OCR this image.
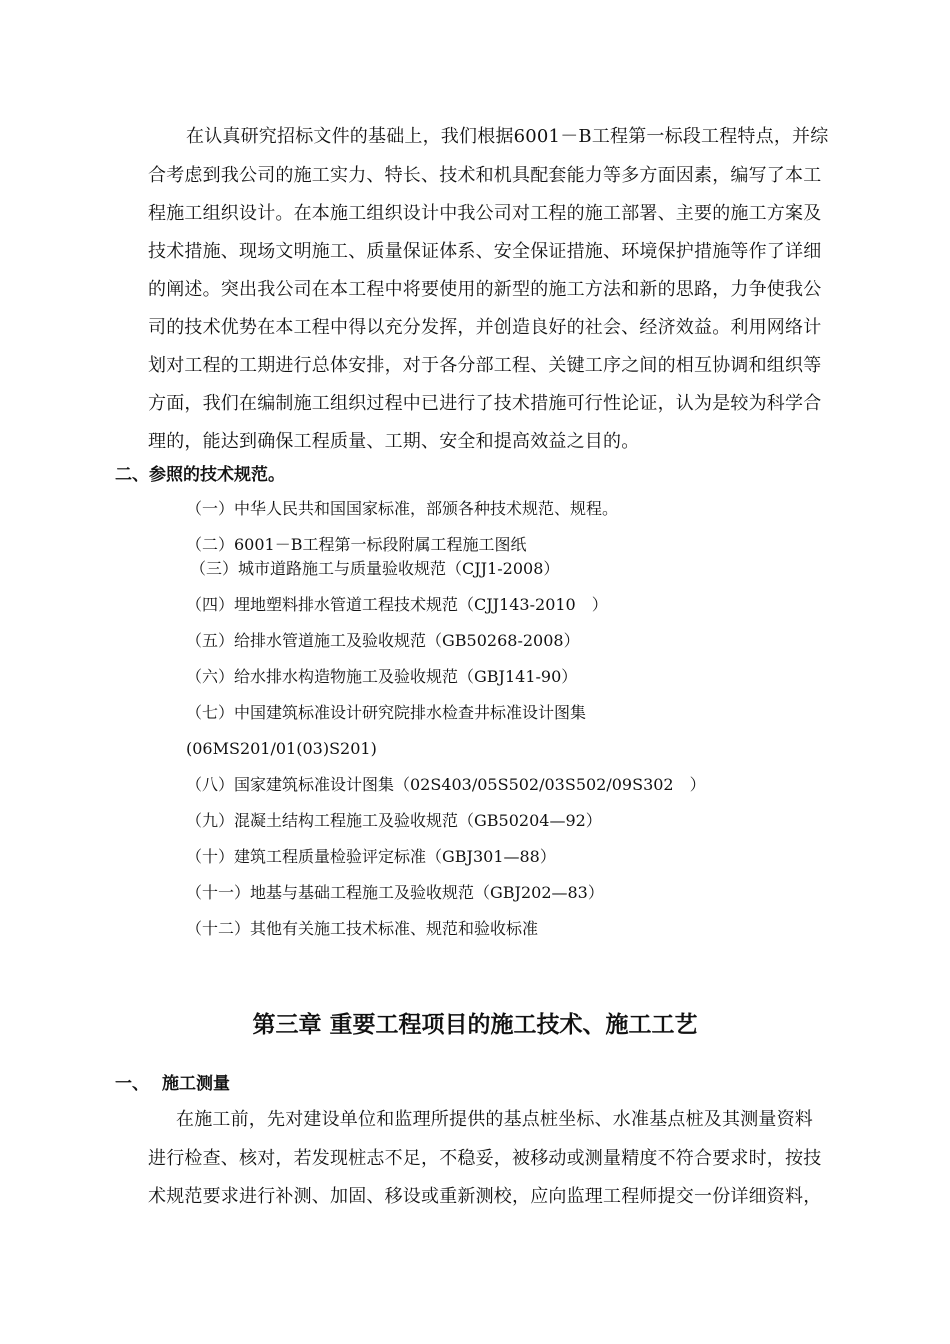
在认真研究招标文件的基础上，我们根据6001－B工程第一标段工程特点，并综
合考虑到我公司的施工实力、特长、技术和机具配套能力等多方面因素，编写了本工
程施工组织设计。在本施工组织设计中我公司对工程的施工部署、主要的施工方案及
技术措施、现场文明施工、质量保证体系、安全保证措施、环境保护措施等作了详细
的阐述。突出我公司在本工程中将要使用的新型的施工方法和新的思路，力争使我公
司的技术优势在本工程中得以充分发挥，并创造良好的社会、经济效益。利用网络计
划对工程的工期进行总体安排，对于各分部工程、关键工序之间的相互协调和组织等
方面，我们在编制施工组织过程中已进行了技术措施可行性论证，认为是较为科学合
理的，能达到确保工程质量、工期、安全和提高效益之目的。
二、参照的技术规范。
（一）中华人民共和国国家标准，部颁各种技术规范、规程。
（二）6001－B工程第一标段附属工程施工图纸
（三）城市道路施工与质量验收规范（CJJ1-2008）
（四）埋地塑料排水管道工程技术规范（CJJ143-2010　）
（五）给排水管道施工及验收规范（GB50268-2008）
（六）给水排水构造物施工及验收规范（GBJ141-90）
（七）中国建筑标准设计研究院排水检查井标准设计图集
(06MS201/01(03)S201)
（八）国家建筑标准设计图集（02S403/05S502/03S502/09S302　）
（九）混凝土结构工程施工及验收规范（GB50204—92）
（十）建筑工程质量检验评定标准（GBJ301—88）
（十一）地基与基础工程施工及验收规范（GBJ202—83）
（十二）其他有关施工技术标准、规范和验收标准
第三章 重要工程项目的施工技术、施工工艺
一、 施工测量
在施工前，先对建设单位和监理所提供的基点桩坐标、水准基点桩及其测量资料
进行检查、核对，若发现桩志不足，不稳妥，被移动或测量精度不符合要求时，按技
术规范要求进行补测、加固、移设或重新测校，应向监理工程师提交一份详细资料，
